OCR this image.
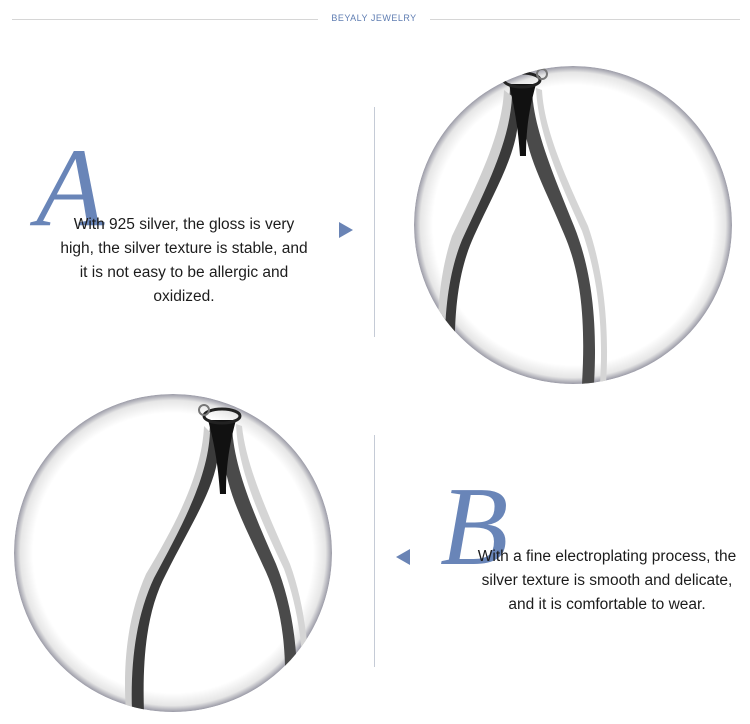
BEYALY JEWELRY
A
With 925 silver, the gloss is very high, the silver texture is stable, and it is not easy to be allergic and oxidized.
B
With a fine electroplating process, the silver texture is smooth and delicate, and it is comfortable to wear.
